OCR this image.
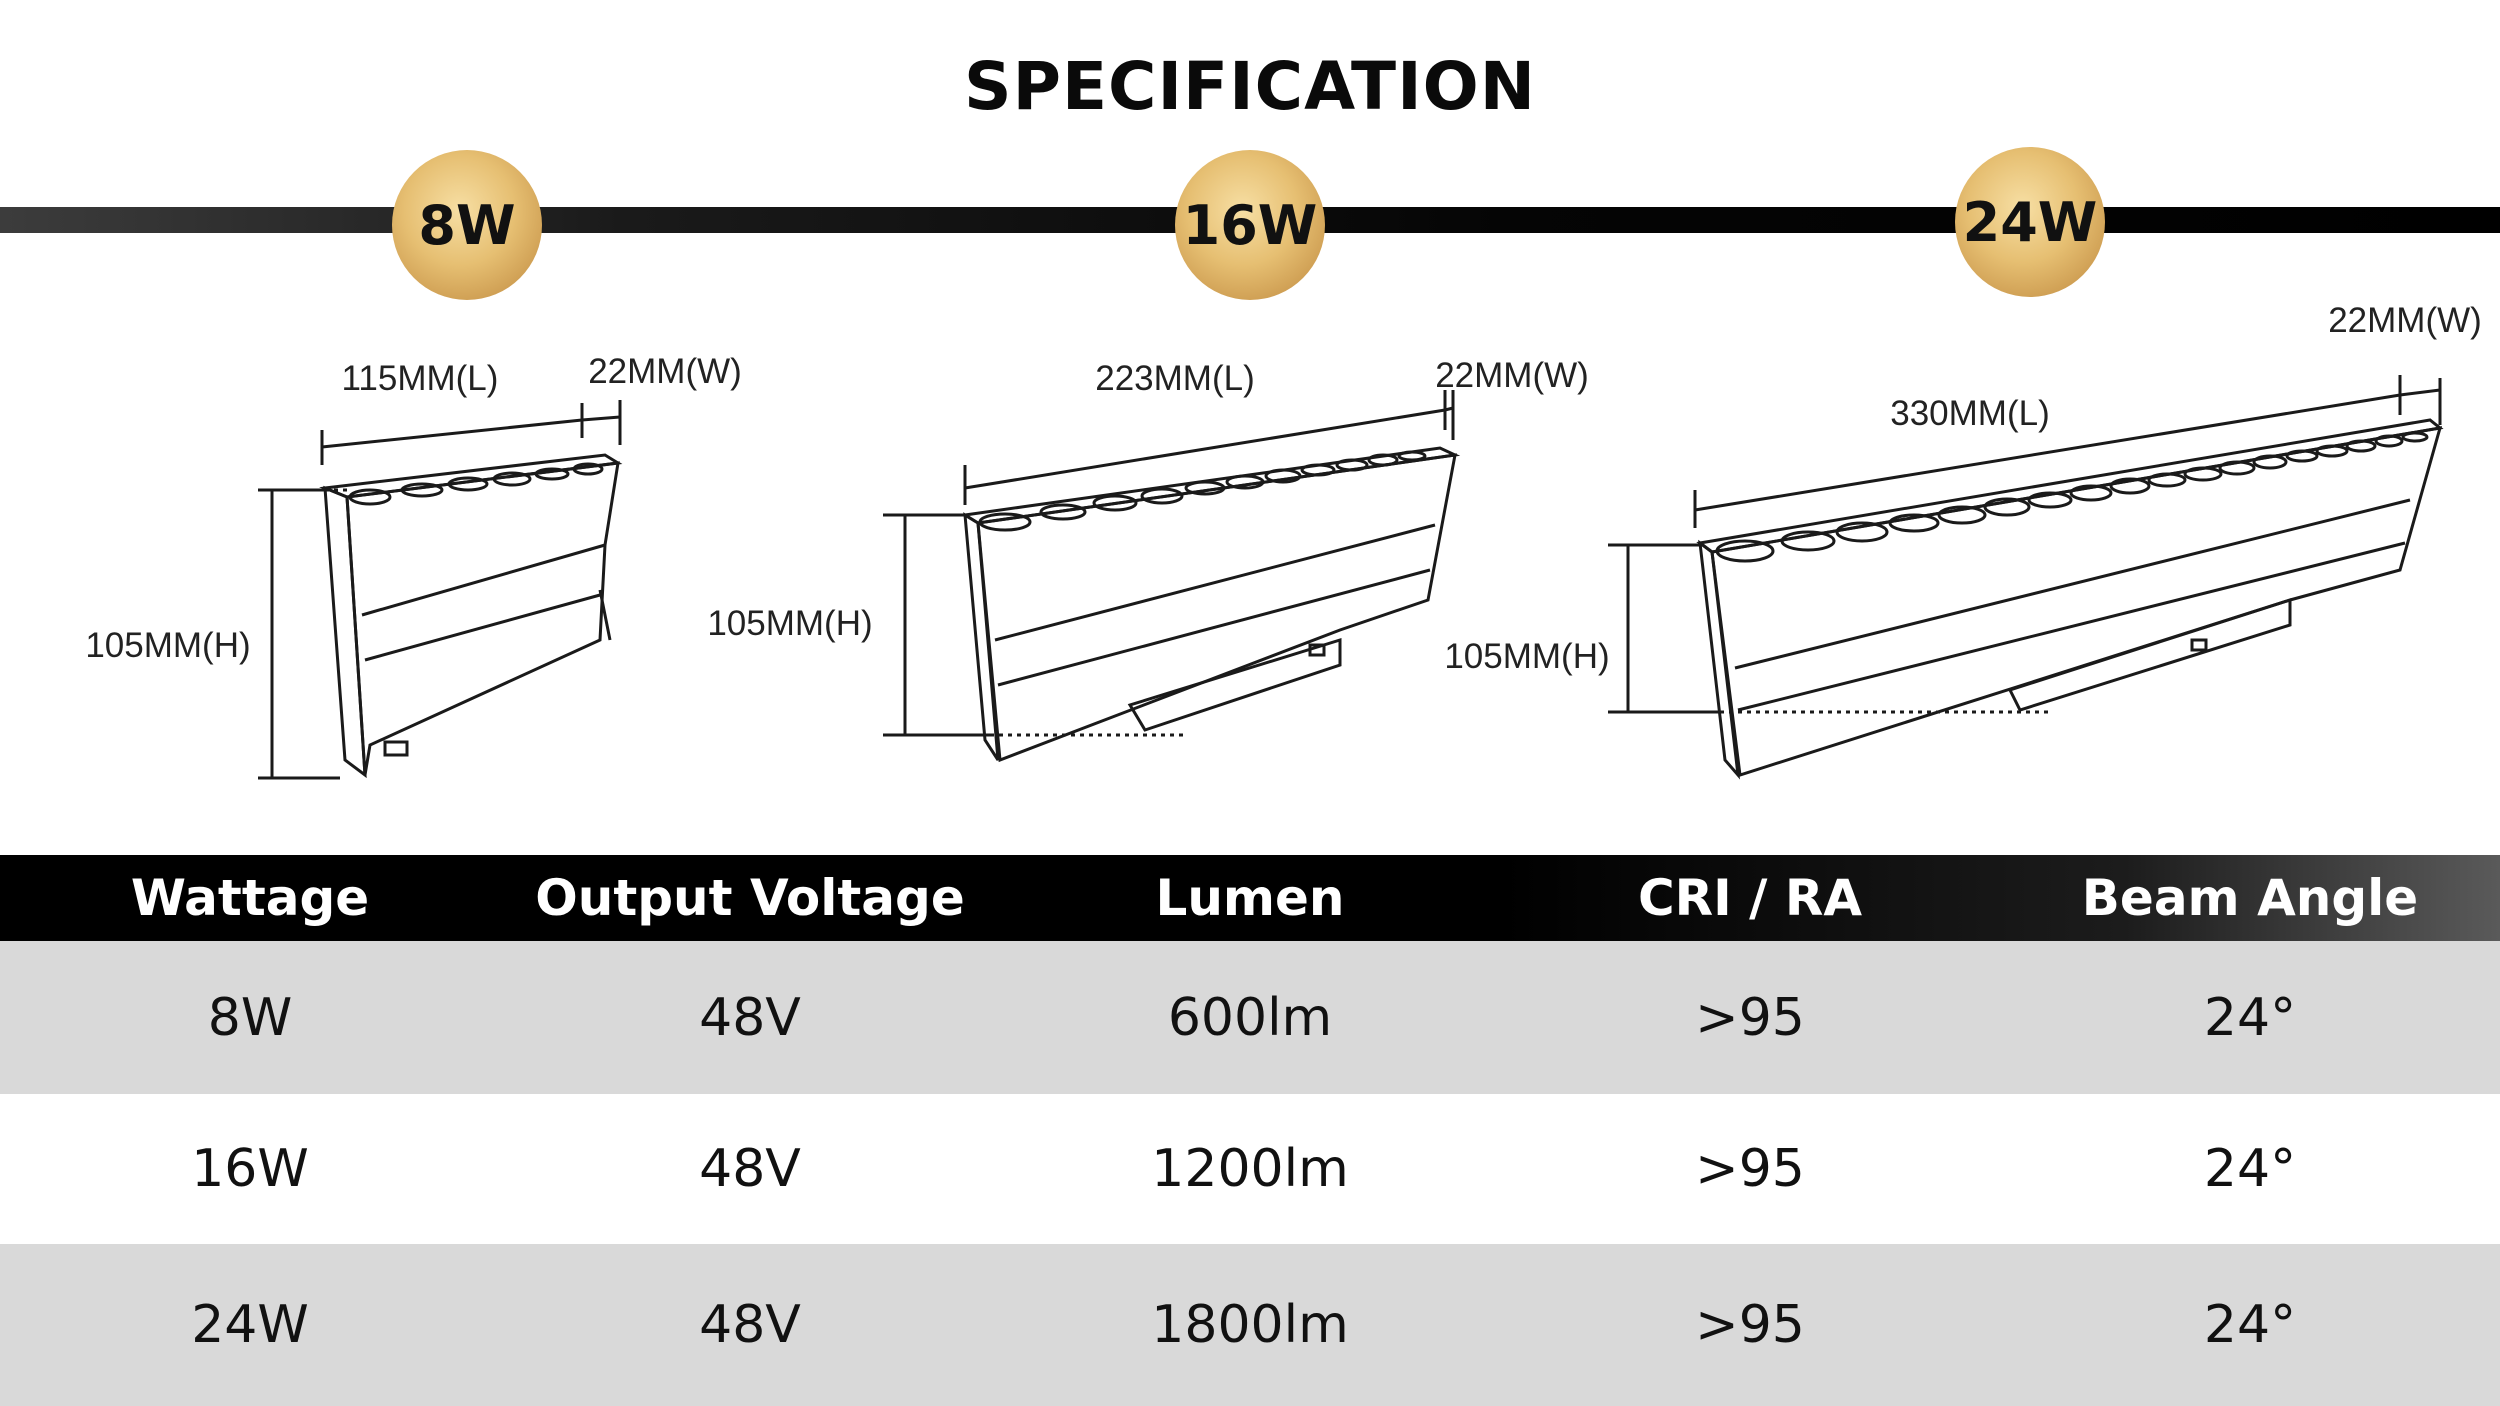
SPECIFICATION
8W	16W	24W
115MM(L)	22MM(W)
105MM(H)
223MM(L)	22MM(W)
105MM(H)
330MM(L)
22MM(W)
105MM(H)
Wattage	Output Voltage	Lumen	CRI / RA	Beam Angle
8W	48V	600lm	>95	24°
16W	48V	1200lm	>95	24°
24W	48V	1800lm	>95	24°
